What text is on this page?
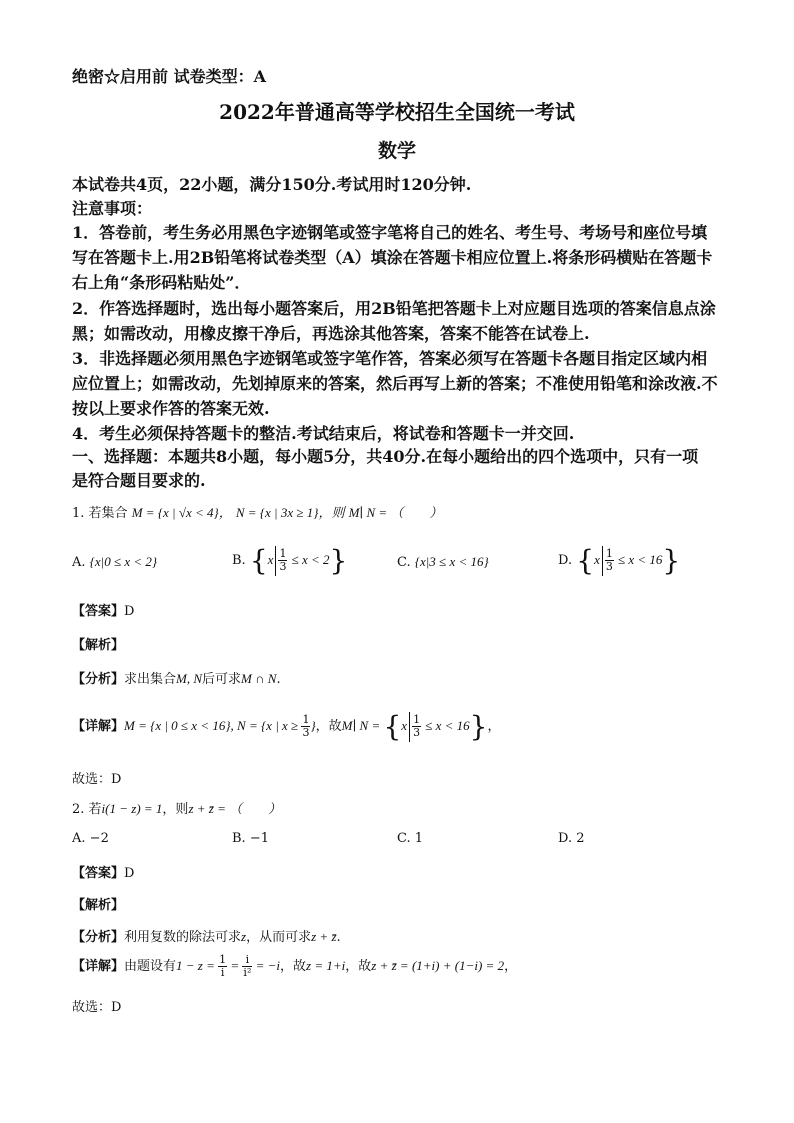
绝密☆启用前 试卷类型：A
2022年普通高等学校招生全国统一考试
数学
本试卷共4页，22小题，满分150分.考试用时120分钟.
注意事项：
1．答卷前，考生务必用黑色字迹钢笔或签字笔将自己的姓名、考生号、考场号和座位号填
写在答题卡上.用2B铅笔将试卷类型（A）填涂在答题卡相应位置上.将条形码横贴在答题卡
右上角“条形码粘贴处”．
2．作答选择题时，选出每小题答案后，用2B铅笔把答题卡上对应题目选项的答案信息点涂
黑；如需改动，用橡皮擦干净后，再选涂其他答案，答案不能答在试卷上.
3．非选择题必须用黑色字迹钢笔或签字笔作答，答案必须写在答题卡各题目指定区域内相
应位置上；如需改动，先划掉原来的答案，然后再写上新的答案；不准使用铅笔和涂改液.不
按以上要求作答的答案无效.
4．考生必须保持答题卡的整洁.考试结束后，将试卷和答题卡一并交回.
一、选择题：本题共8小题，每小题5分，共40分.在每小题给出的四个选项中，只有一项
是符合题目要求的.
1. 若集合 M = {x | √x < 4}， N = {x | 3x ≥ 1}，则 M∣ N = （　　）
A. {x|0 ≤ x < 2}	B. $\{x \frac{1}{3} \le x < 2\}$	C. {x|3 ≤ x < 16}	D. $\{x \frac{1}{3} \le x < 16\}$
【答案】D
【解析】
【分析】求出集合M, N后可求M ∩ N.
【详解】M = {x | 0 ≤ x < 16}, N = {x | $x \ge \frac{1}{3}$ }，故M∣ $N = \{x \frac{1}{3} \le x < 16\}$，
故选：D
2. 若i(1 − z) = 1，则z + z̄ = （　　）
A. −2	B. −1	C. 1	D. 2
【答案】D
【解析】
【分析】利用复数的除法可求z，从而可求z + z̄.
【详解】由题设有$1 - z = \frac{1}{i} = \frac{i}{\text{i²}} = -i$，故z = 1+i，故z + z̄ = (1+i) + (1−i) = 2，
故选：D
